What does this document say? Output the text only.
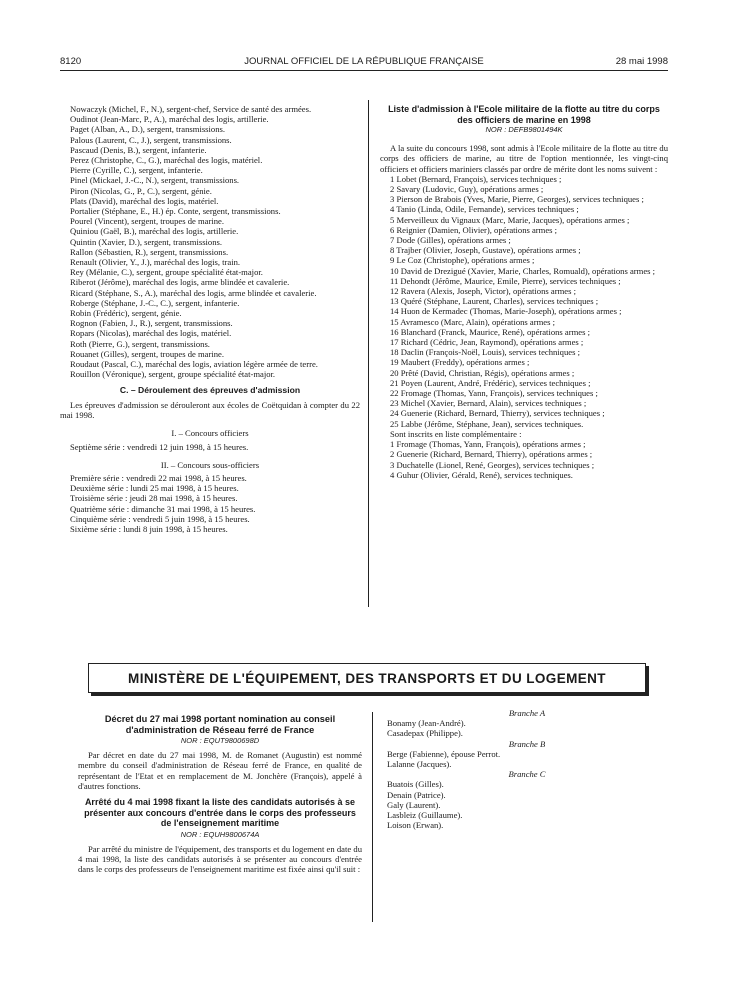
8120	JOURNAL OFFICIEL DE LA RÉPUBLIQUE FRANÇAISE	28 mai 1998

Nowaczyk (Michel, F., N.), sergent-chef, Service de santé des armées.

Oudinot (Jean-Marc, P., A.), maréchal des logis, artillerie.

Paget (Alban, A., D.), sergent, transmissions.

Palous (Laurent, C., J.), sergent, transmissions.

Pascaud (Denis, B.), sergent, infanterie.

Perez (Christophe, C., G.), maréchal des logis, matériel.

Pierre (Cyrille, C.), sergent, infanterie.

Pinel (Mickael, J.-C., N.), sergent, transmissions.

Piron (Nicolas, G., P., C.), sergent, génie.

Plats (David), maréchal des logis, matériel.

Portalier (Stéphane, E., H.) ép. Conte, sergent, transmissions.

Pourel (Vincent), sergent, troupes de marine.

Quiniou (Gaël, B.), maréchal des logis, artillerie.

Quintin (Xavier, D.), sergent, transmissions.

Rallon (Sébastien, R.), sergent, transmissions.

Renault (Olivier, Y., J.), maréchal des logis, train.

Rey (Mélanie, C.), sergent, groupe spécialité état-major.

Riberot (Jérôme), maréchal des logis, arme blindée et cavalerie.

Ricard (Stéphane, S., A.), maréchal des logis, arme blindée et cavalerie.

Roberge (Stéphane, J.-C., C.), sergent, infanterie.

Robin (Frédéric), sergent, génie.

Rognon (Fabien, J., R.), sergent, transmissions.

Ropars (Nicolas), maréchal des logis, matériel.

Roth (Pierre, G.), sergent, transmissions.

Rouanet (Gilles), sergent, troupes de marine.

Roudaut (Pascal, C.), maréchal des logis, aviation légère armée de terre.

Rouillon (Véronique), sergent, groupe spécialité état-major.

C. – Déroulement des épreuves d'admission

Les épreuves d'admission se dérouleront aux écoles de Coëtquidan à compter du 22 mai 1998.

I. – Concours officiers

Septième série : vendredi 12 juin 1998, à 15 heures.

II. – Concours sous-officiers

Première série : vendredi 22 mai 1998, à 15 heures.

Deuxième série : lundi 25 mai 1998, à 15 heures.

Troisième série : jeudi 28 mai 1998, à 15 heures.

Quatrième série : dimanche 31 mai 1998, à 15 heures.

Cinquième série : vendredi 5 juin 1998, à 15 heures.

Sixième série : lundi 8 juin 1998, à 15 heures.

Liste d'admission à l'Ecole militaire de la flotte au titre du corps des officiers de marine en 1998

NOR : DEFB9801494K

A la suite du concours 1998, sont admis à l'Ecole militaire de la flotte au titre du corps des officiers de marine, au titre de l'option mentionnée, les vingt-cinq officiers et officiers mariniers classés par ordre de mérite dont les noms suivent :

1 Lobet (Bernard, François), services techniques ;

2 Savary (Ludovic, Guy), opérations armes ;

3 Pierson de Brabois (Yves, Marie, Pierre, Georges), services techniques ;

4 Tanio (Linda, Odile, Fernande), services techniques ;

5 Merveilleux du Vignaux (Marc, Marie, Jacques), opérations armes ;

6 Reignier (Damien, Olivier), opérations armes ;

7 Dode (Gilles), opérations armes ;

8 Trajber (Olivier, Joseph, Gustave), opérations armes ;

9 Le Coz (Christophe), opérations armes ;

10 David de Drezigué (Xavier, Marie, Charles, Romuald), opérations armes ;

11 Dehondt (Jérôme, Maurice, Emile, Pierre), services techniques ;

12 Ravera (Alexis, Joseph, Victor), opérations armes ;

13 Quéré (Stéphane, Laurent, Charles), services techniques ;

14 Huon de Kermadec (Thomas, Marie-Joseph), opérations armes ;

15 Avramesco (Marc, Alain), opérations armes ;

16 Blanchard (Franck, Maurice, René), opérations armes ;

17 Richard (Cédric, Jean, Raymond), opérations armes ;

18 Daclin (François-Noël, Louis), services techniques ;

19 Maubert (Freddy), opérations armes ;

20 Prêté (David, Christian, Régis), opérations armes ;

21 Poyen (Laurent, André, Frédéric), services techniques ;

22 Fromage (Thomas, Yann, François), services techniques ;

23 Michel (Xavier, Bernard, Alain), services techniques ;

24 Guenerie (Richard, Bernard, Thierry), services techniques ;

25 Labbe (Jérôme, Stéphane, Jean), services techniques.

Sont inscrits en liste complémentaire :

1 Fromage (Thomas, Yann, François), opérations armes ;

2 Guenerie (Richard, Bernard, Thierry), opérations armes ;

3 Duchatelle (Lionel, René, Georges), services techniques ;

4 Guhur (Olivier, Gérald, René), services techniques.

MINISTÈRE DE L'ÉQUIPEMENT, DES TRANSPORTS ET DU LOGEMENT

Décret du 27 mai 1998 portant nomination au conseil d'administration de Réseau ferré de France

NOR : EQUT9800698D

Par décret en date du 27 mai 1998, M. de Romanet (Augustin) est nommé membre du conseil d'administration de Réseau ferré de France, en qualité de représentant de l'Etat et en remplacement de M. Jonchère (François), appelé à d'autres fonctions.

Arrêté du 4 mai 1998 fixant la liste des candidats autorisés à se présenter aux concours d'entrée dans le corps des professeurs de l'enseignement maritime

NOR : EQUH9800674A

Par arrêté du ministre de l'équipement, des transports et du logement en date du 4 mai 1998, la liste des candidats autorisés à se présenter au concours d'entrée dans le corps des professeurs de l'enseignement maritime est fixée ainsi qu'il suit :

Branche A

Bonamy (Jean-André).

Casadepax (Philippe).

Branche B

Berge (Fabienne), épouse Perrot.

Lalanne (Jacques).

Branche C

Buatois (Gilles).

Denain (Patrice).

Galy (Laurent).

Lasbleiz (Guillaume).

Loison (Erwan).
